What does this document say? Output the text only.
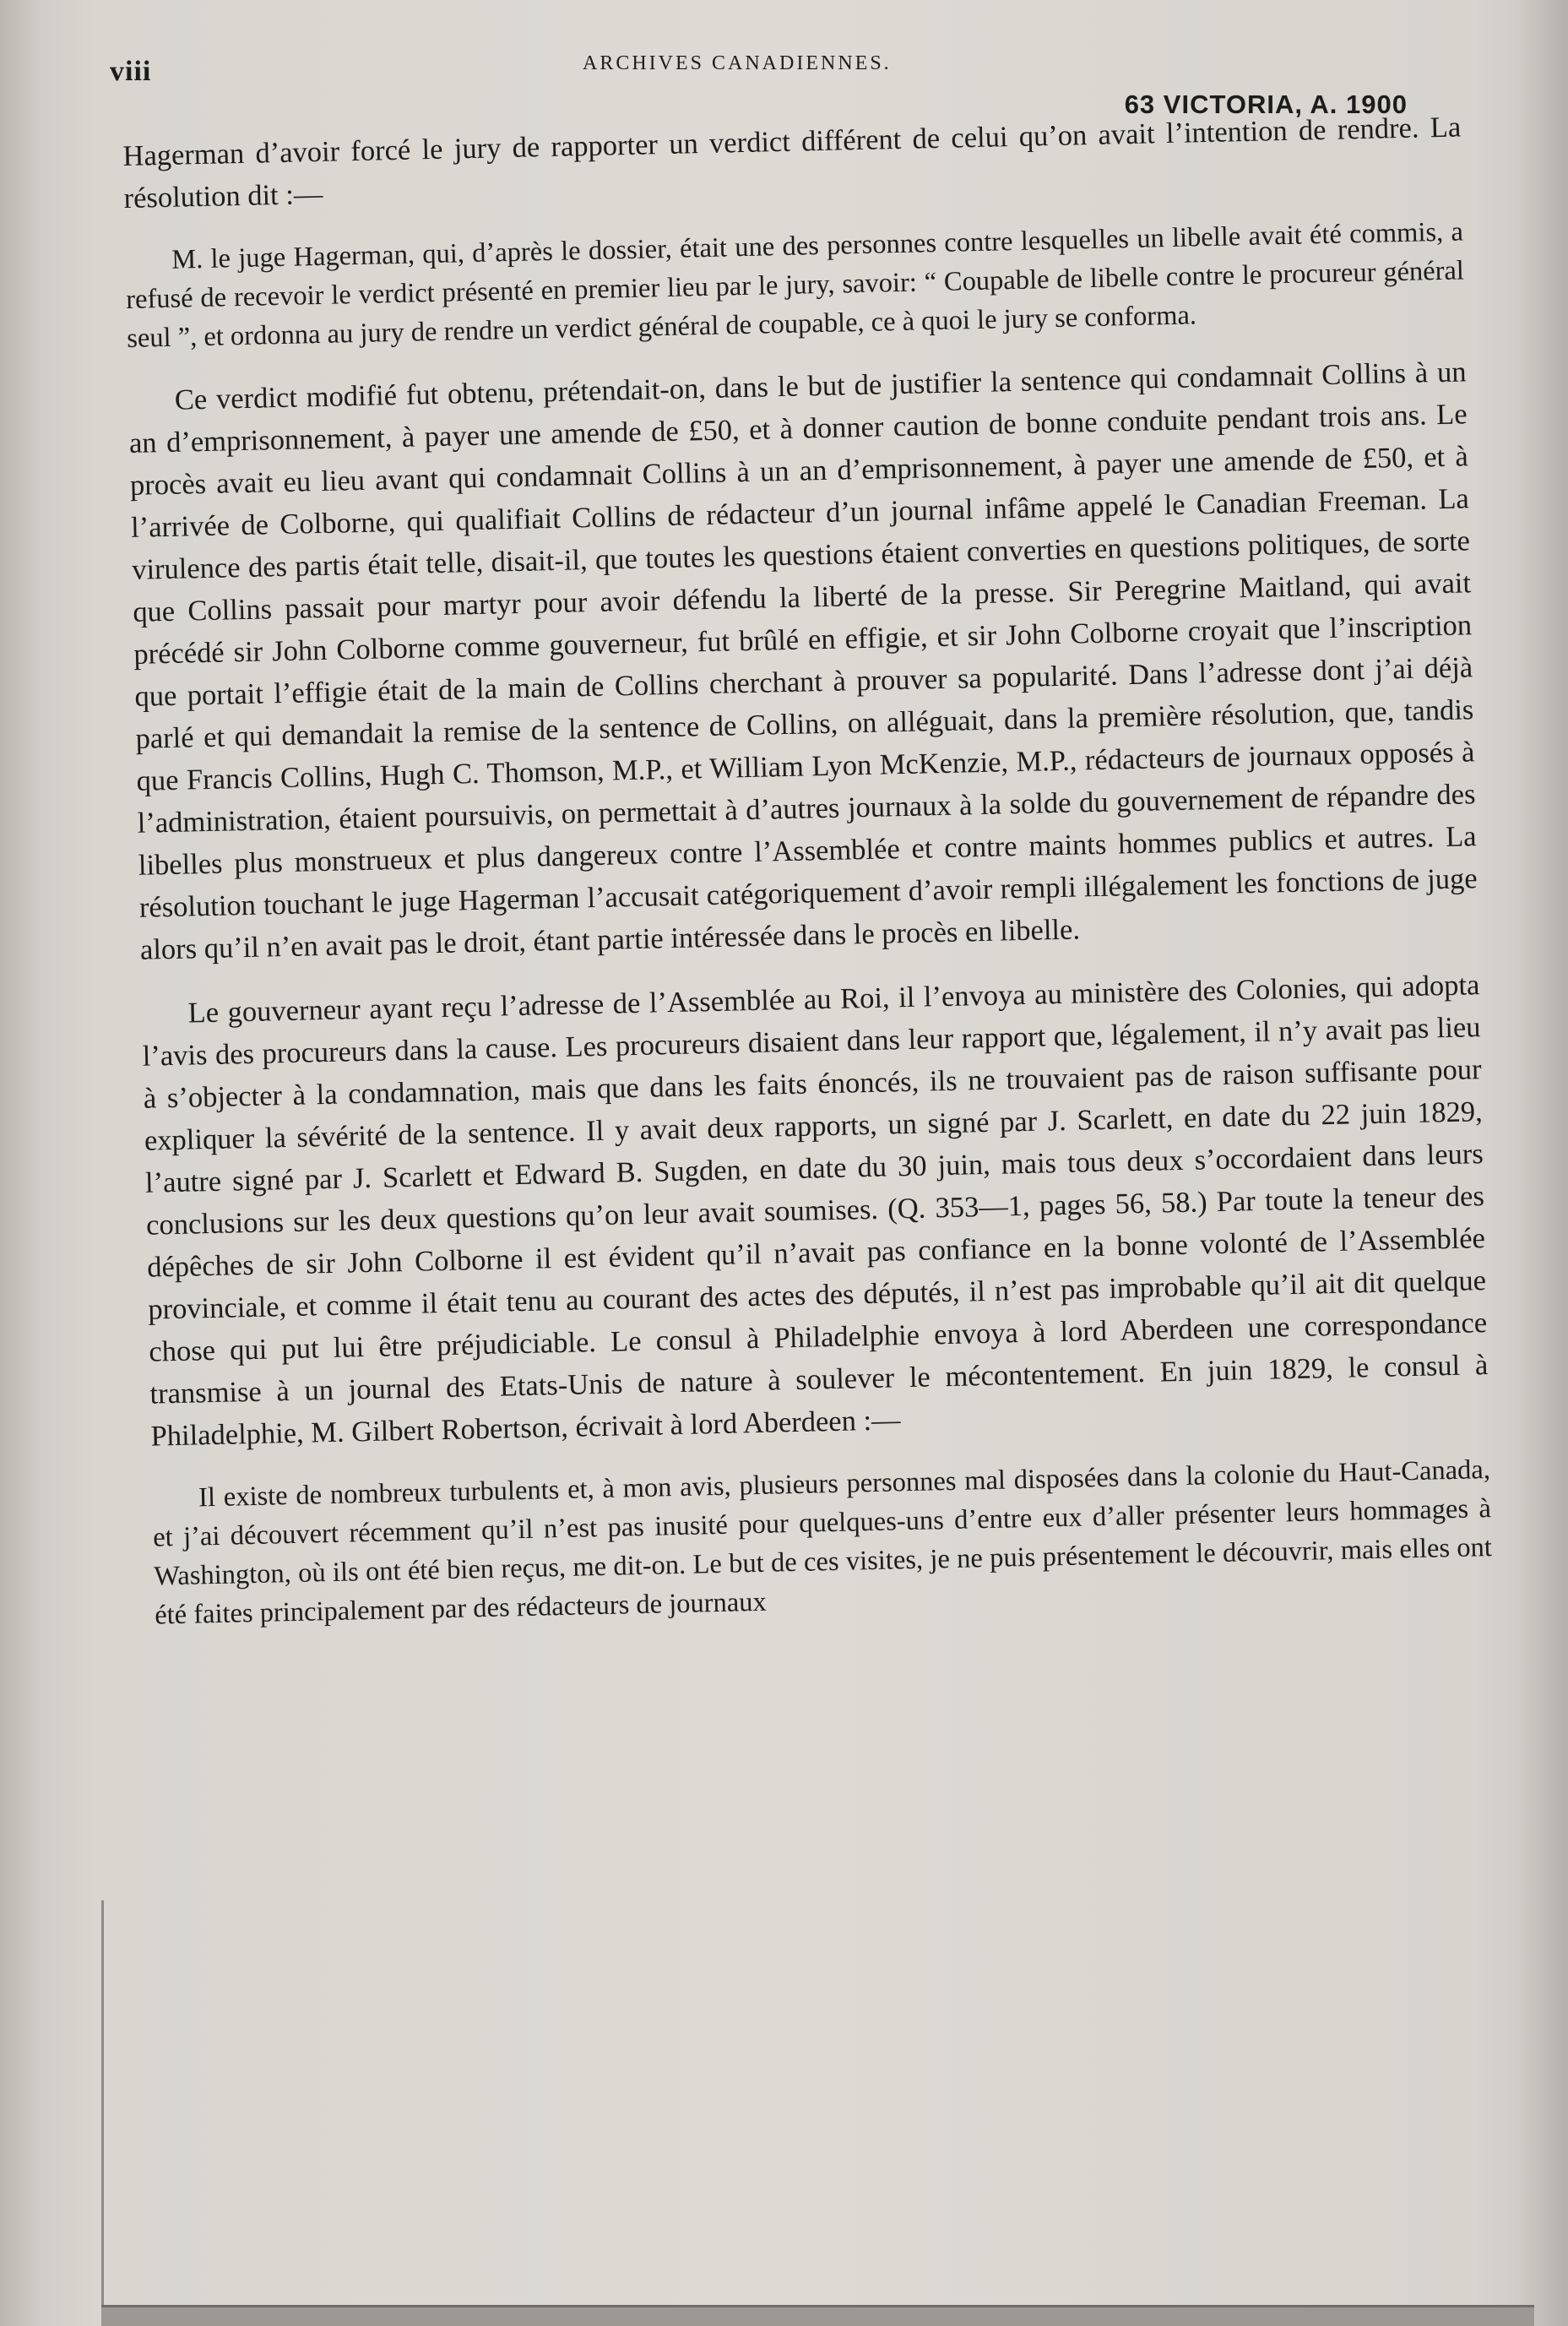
viii	ARCHIVES CANADIENNES.
63 VICTORIA, A. 1900

Hagerman d’avoir forcé le jury de rapporter un verdict différent de celui qu’on avait l’intention de rendre. La résolution dit :—

M. le juge Hagerman, qui, d’après le dossier, était une des personnes contre lesquelles un libelle avait été commis, a refusé de recevoir le verdict présenté en premier lieu par le jury, savoir: “ Coupable de libelle contre le procureur général seul ”, et ordonna au jury de rendre un verdict général de coupable, ce à quoi le jury se conforma.

Ce verdict modifié fut obtenu, prétendait-on, dans le but de justifier la sentence qui condamnait Collins à un an d’emprisonnement, à payer une amende de £50, et à donner caution de bonne conduite pendant trois ans. Le procès avait eu lieu avant qui condamnait Collins à un an d’emprisonnement, à payer une amende de £50, et à l’arrivée de Colborne, qui qualifiait Collins de rédacteur d’un journal infâme appelé le Canadian Freeman. La virulence des partis était telle, disait-il, que toutes les questions étaient converties en questions politiques, de sorte que Collins passait pour martyr pour avoir défendu la liberté de la presse. Sir Peregrine Maitland, qui avait précédé sir John Colborne comme gouverneur, fut brûlé en effigie, et sir John Colborne croyait que l’inscription que portait l’effigie était de la main de Collins cherchant à prouver sa popularité. Dans l’adresse dont j’ai déjà parlé et qui demandait la remise de la sentence de Collins, on alléguait, dans la première résolution, que, tandis que Francis Collins, Hugh C. Thomson, M.P., et William Lyon McKenzie, M.P., rédacteurs de journaux opposés à l’administration, étaient poursuivis, on permettait à d’autres journaux à la solde du gouvernement de répandre des libelles plus monstrueux et plus dangereux contre l’Assemblée et contre maints hommes publics et autres. La résolution touchant le juge Hagerman l’accusait catégoriquement d’avoir rempli illégalement les fonctions de juge alors qu’il n’en avait pas le droit, étant partie intéressée dans le procès en libelle.

Le gouverneur ayant reçu l’adresse de l’Assemblée au Roi, il l’envoya au ministère des Colonies, qui adopta l’avis des procureurs dans la cause. Les procureurs disaient dans leur rapport que, légalement, il n’y avait pas lieu à s’objecter à la condamnation, mais que dans les faits énoncés, ils ne trouvaient pas de raison suffisante pour expliquer la sévérité de la sentence. Il y avait deux rapports, un signé par J. Scarlett, en date du 22 juin 1829, l’autre signé par J. Scarlett et Edward B. Sugden, en date du 30 juin, mais tous deux s’occordaient dans leurs conclusions sur les deux questions qu’on leur avait soumises. (Q. 353—1, pages 56, 58.) Par toute la teneur des dépêches de sir John Colborne il est évident qu’il n’avait pas confiance en la bonne volonté de l’Assemblée provinciale, et comme il était tenu au courant des actes des députés, il n’est pas improbable qu’il ait dit quelque chose qui put lui être préjudiciable. Le consul à Philadelphie envoya à lord Aberdeen une correspondance transmise à un journal des Etats-Unis de nature à soulever le mécontentement. En juin 1829, le consul à Philadelphie, M. Gilbert Robertson, écrivait à lord Aberdeen :—

Il existe de nombreux turbulents et, à mon avis, plusieurs personnes mal disposées dans la colonie du Haut-Canada, et j’ai découvert récemment qu’il n’est pas inusité pour quelques-uns d’entre eux d’aller présenter leurs hommages à Washington, où ils ont été bien reçus, me dit-on. Le but de ces visites, je ne puis présentement le découvrir, mais elles ont été faites principalement par des rédacteurs de journaux
